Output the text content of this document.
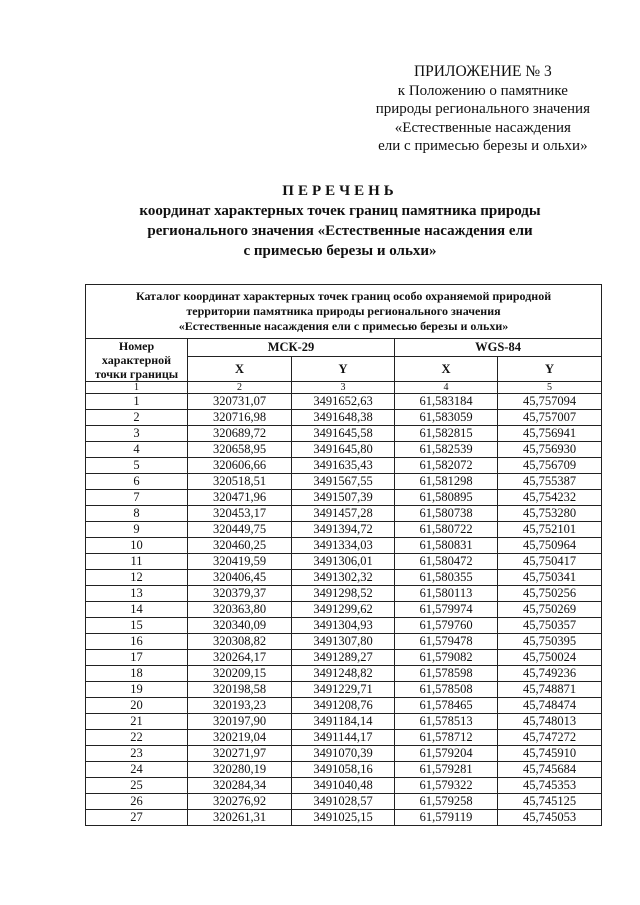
ПРИЛОЖЕНИЕ № 3
к Положению о памятнике
природы регионального значения
«Естественные насаждения
ели с примесью березы и ольхи»
ПЕРЕЧЕНЬ
координат характерных точек границ памятника природы
регионального значения «Естественные насаждения ели
с примесью березы и ольхи»
Каталог координат характерных точек границ особо охраняемой природной
территории памятника природы регионального значения
«Естественные насаждения ели с примесью березы и ольхи»				

Номер характерной точки границы	МСК-29		WGS-84	
	X	Y	X	Y
1	2	3	4	5
1	320731,07	3491652,63	61,583184	45,757094
2	320716,98	3491648,38	61,583059	45,757007
3	320689,72	3491645,58	61,582815	45,756941
4	320658,95	3491645,80	61,582539	45,756930
5	320606,66	3491635,43	61,582072	45,756709
6	320518,51	3491567,55	61,581298	45,755387
7	320471,96	3491507,39	61,580895	45,754232
8	320453,17	3491457,28	61,580738	45,753280
9	320449,75	3491394,72	61,580722	45,752101
10	320460,25	3491334,03	61,580831	45,750964
11	320419,59	3491306,01	61,580472	45,750417
12	320406,45	3491302,32	61,580355	45,750341
13	320379,37	3491298,52	61,580113	45,750256
14	320363,80	3491299,62	61,579974	45,750269
15	320340,09	3491304,93	61,579760	45,750357
16	320308,82	3491307,80	61,579478	45,750395
17	320264,17	3491289,27	61,579082	45,750024
18	320209,15	3491248,82	61,578598	45,749236
19	320198,58	3491229,71	61,578508	45,748871
20	320193,23	3491208,76	61,578465	45,748474
21	320197,90	3491184,14	61,578513	45,748013
22	320219,04	3491144,17	61,578712	45,747272
23	320271,97	3491070,39	61,579204	45,745910
24	320280,19	3491058,16	61,579281	45,745684
25	320284,34	3491040,48	61,579322	45,745353
26	320276,92	3491028,57	61,579258	45,745125
27	320261,31	3491025,15	61,579119	45,745053
